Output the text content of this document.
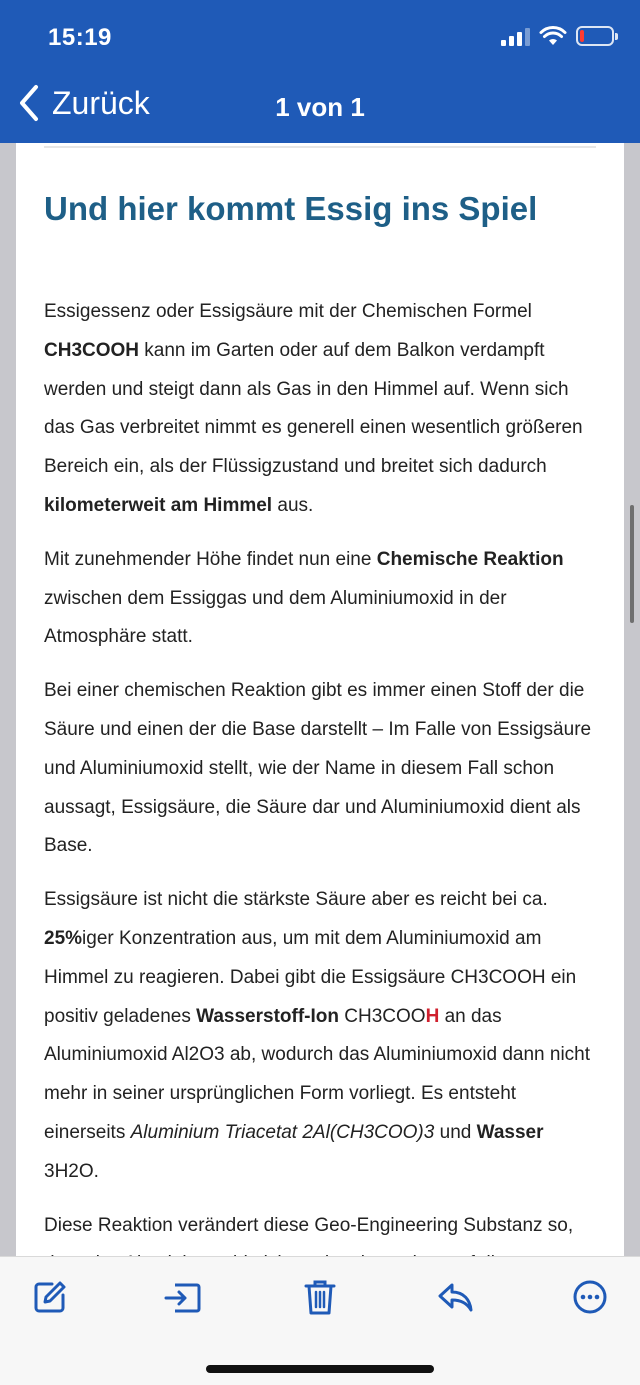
15:19
Zurück	1 von 1
Und hier kommt Essig ins Spiel

Essigessenz oder Essigsäure mit der Chemischen Formel CH3COOH kann im Garten oder auf dem Balkon verdampft werden und steigt dann als Gas in den Himmel auf. Wenn sich das Gas verbreitet nimmt es generell einen wesentlich größeren Bereich ein, als der Flüssigzustand und breitet sich dadurch kilometerweit am Himmel aus.

Mit zunehmender Höhe findet nun eine Chemische Reaktion zwischen dem Essiggas und dem Aluminiumoxid in der Atmosphäre statt.

Bei einer chemischen Reaktion gibt es immer einen Stoff der die Säure und einen der die Base darstellt – Im Falle von Essigsäure und Aluminiumoxid stellt, wie der Name in diesem Fall schon aussagt, Essigsäure, die Säure dar und Aluminiumoxid dient als Base.

Essigsäure ist nicht die stärkste Säure aber es reicht bei ca. 25%iger Konzentration aus, um mit dem Aluminiumoxid am Himmel zu reagieren. Dabei gibt die Essigsäure CH3COOH ein positiv geladenes Wasserstoff-Ion CH3COOH an das Aluminiumoxid Al2O3 ab, wodurch das Aluminiumoxid dann nicht mehr in seiner ursprünglichen Form vorliegt. Es entsteht einerseits Aluminium Triacetat 2Al(CH3COO)3 und Wasser 3H2O.

Diese Reaktion verändert diese Geo-Engineering Substanz so,
